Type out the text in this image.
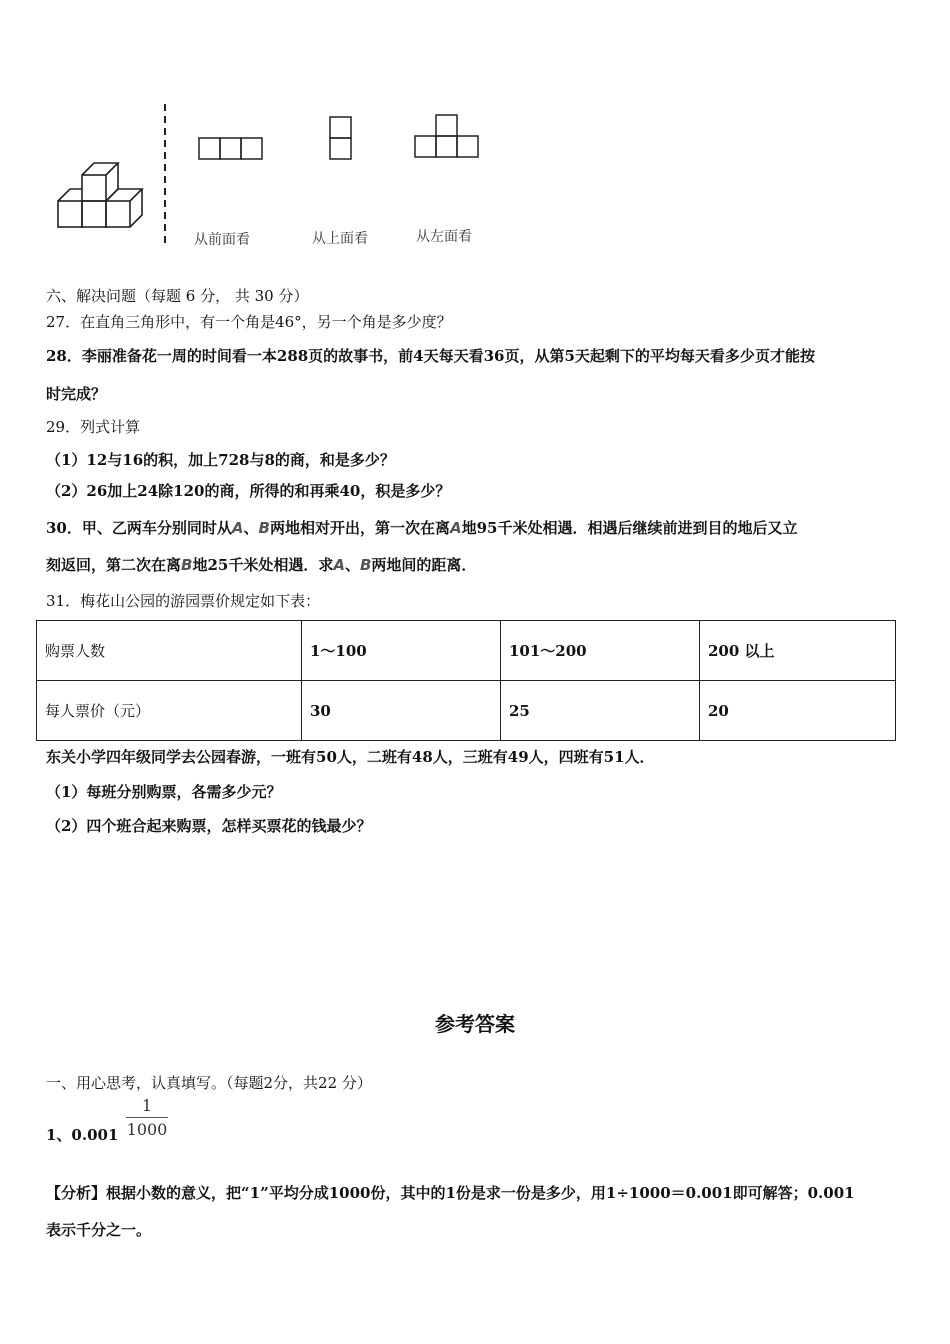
从前面看	从上面看	从左面看
六、解决问题（每题 6 分， 共 30 分）
27．在直角三角形中，有一个角是46°，另一个角是多少度？
28．李丽准备花一周的时间看一本288页的故事书，前4天每天看36页，从第5天起剩下的平均每天看多少页才能按
时完成？
29．列式计算
（1）12与16的积，加上728与8的商，和是多少？
（2）26加上24除120的商，所得的和再乘40，积是多少？
30．甲、乙两车分别同时从A、B两地相对开出，第一次在离A地95千米处相遇．相遇后继续前进到目的地后又立
刻返回，第二次在离B地25千米处相遇．求A、B两地间的距离．
31．梅花山公园的游园票价规定如下表：
购票人数	1～100	101～200	200 以上
每人票价（元）	30	25	20
东关小学四年级同学去公园春游，一班有50人，二班有48人，三班有49人，四班有51人．
（1）每班分别购票，各需多少元？
（2）四个班合起来购票，怎样买票花的钱最少？
参考答案
一、用心思考，认真填写。（每题2分，共22 分）
1、$0.001 \frac{1}{1000}$
【分析】根据小数的意义，把“1”平均分成1000份，其中的1份是求一份是多少，用1÷1000＝0.001即可解答；0.001
表示千分之一。
